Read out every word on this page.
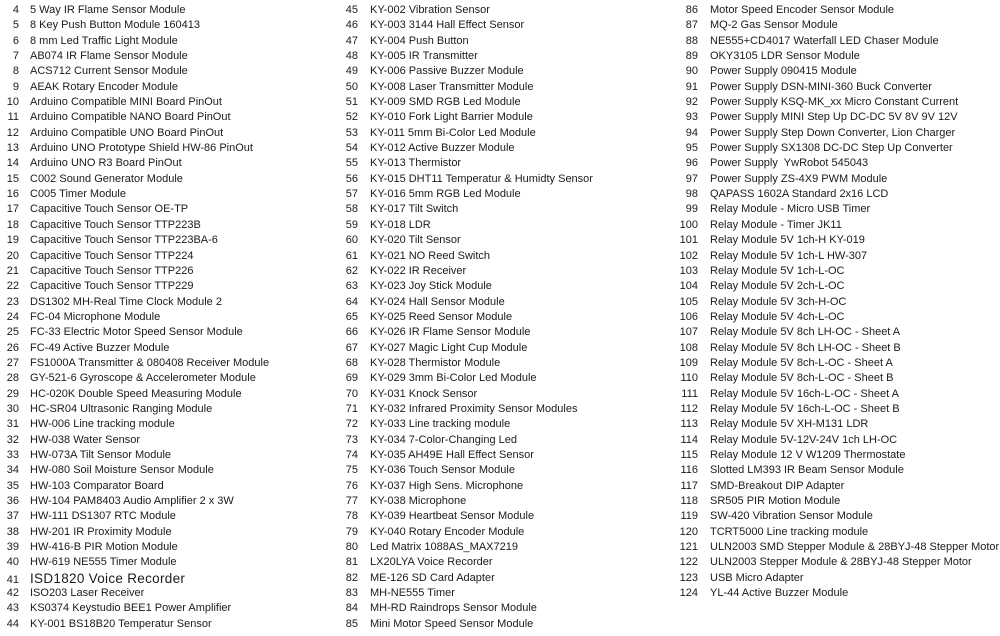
4 5 Way IR Flame Sensor Module
5 8 Key Push Button Module 160413
6 8 mm Led Traffic Light Module
7 AB074 IR Flame Sensor Module
8 ACS712 Current Sensor Module
9 AEAK Rotary Encoder Module
10 Arduino Compatible MINI Board PinOut
11 Arduino Compatible NANO Board PinOut
12 Arduino Compatible UNO Board PinOut
13 Arduino UNO Prototype Shield HW-86 PinOut
14 Arduino UNO R3 Board PinOut
15 C002 Sound Generator Module
16 C005 Timer Module
17 Capacitive Touch Sensor OE-TP
18 Capacitive Touch Sensor TTP223B
19 Capacitive Touch Sensor TTP223BA-6
20 Capacitive Touch Sensor TTP224
21 Capacitive Touch Sensor TTP226
22 Capacitive Touch Sensor TTP229
23 DS1302 MH-Real Time Clock Module 2
24 FC-04 Microphone Module
25 FC-33 Electric Motor Speed Sensor Module
26 FC-49 Active Buzzer Module
27 FS1000A Transmitter & 080408 Receiver Module
28 GY-521-6 Gyroscope & Accelerometer Module
29 HC-020K Double Speed Measuring Module
30 HC-SR04 Ultrasonic Ranging Module
31 HW-006 Line tracking module
32 HW-038 Water Sensor
33 HW-073A Tilt Sensor Module
34 HW-080 Soil Moisture Sensor Module
35 HW-103 Comparator Board
36 HW-104 PAM8403 Audio Amplifier 2 x 3W
37 HW-111 DS1307 RTC Module
38 HW-201 IR Proximity Module
39 HW-416-B PIR Motion Module
40 HW-619 NE555 Timer Module
41 ISD1820 Voice Recorder
42 ISO203 Laser Receiver
43 KS0374 Keystudio BEE1 Power Amplifier
44 KY-001 BS18B20 Temperatur Sensor
45 KY-002 Vibration Sensor
46 KY-003 3144 Hall Effect Sensor
47 KY-004 Push Button
48 KY-005 IR Transmitter
49 KY-006 Passive Buzzer Module
50 KY-008 Laser Transmitter Module
51 KY-009 SMD RGB Led Module
52 KY-010 Fork Light Barrier Module
53 KY-011 5mm Bi-Color Led Module
54 KY-012 Active Buzzer Module
55 KY-013 Thermistor
56 KY-015 DHT11 Temperatur & Humidty Sensor
57 KY-016 5mm RGB Led Module
58 KY-017 Tilt Switch
59 KY-018 LDR
60 KY-020 Tilt Sensor
61 KY-021 NO Reed Switch
62 KY-022 IR Receiver
63 KY-023 Joy Stick Module
64 KY-024 Hall Sensor Module
65 KY-025 Reed Sensor Module
66 KY-026 IR Flame Sensor Module
67 KY-027 Magic Light Cup Module
68 KY-028 Thermistor Module
69 KY-029 3mm Bi-Color Led Module
70 KY-031 Knock Sensor
71 KY-032 Infrared Proximity Sensor Modules
72 KY-033 Line tracking module
73 KY-034 7-Color-Changing Led
74 KY-035 AH49E Hall Effect Sensor
75 KY-036 Touch Sensor Module
76 KY-037 High Sens. Microphone
77 KY-038 Microphone
78 KY-039 Heartbeat Sensor Module
79 KY-040 Rotary Encoder Module
80 Led Matrix 1088AS_MAX7219
81 LX20LYA Voice Recorder
82 ME-126 SD Card Adapter
83 MH-NE555 Timer
84 MH-RD Raindrops Sensor Module
85 Mini Motor Speed Sensor Module
86 Motor Speed Encoder Sensor Module
87 MQ-2 Gas Sensor Module
88 NE555+CD4017 Waterfall LED Chaser Module
89 OKY3105 LDR Sensor Module
90 Power Supply 090415 Module
91 Power Supply DSN-MINI-360 Buck Converter
92 Power Supply KSQ-MK_xx Micro Constant Current
93 Power Supply MINI Step Up DC-DC 5V 8V 9V 12V
94 Power Supply Step Down Converter, Lion Charger
95 Power Supply SX1308 DC-DC Step Up Converter
96 Power Supply  YwRobot 545043
97 Power Supply ZS-4X9 PWM Module
98 QAPASS 1602A Standard 2x16 LCD
99 Relay Module - Micro USB Timer
100 Relay Module - Timer JK11
101 Relay Module 5V 1ch-H KY-019
102 Relay Module 5V 1ch-L HW-307
103 Relay Module 5V 1ch-L-OC
104 Relay Module 5V 2ch-L-OC
105 Relay Module 5V 3ch-H-OC
106 Relay Module 5V 4ch-L-OC
107 Relay Module 5V 8ch LH-OC - Sheet A
108 Relay Module 5V 8ch LH-OC - Sheet B
109 Relay Module 5V 8ch-L-OC - Sheet A
110 Relay Module 5V 8ch-L-OC - Sheet B
111 Relay Module 5V 16ch-L-OC - Sheet A
112 Relay Module 5V 16ch-L-OC - Sheet B
113 Relay Module 5V XH-M131 LDR
114 Relay Module 5V-12V-24V 1ch LH-OC
115 Relay Module 12 V W1209 Thermostate
116 Slotted LM393 IR Beam Sensor Module
117 SMD-Breakout DIP Adapter
118 SR505 PIR Motion Module
119 SW-420 Vibration Sensor Module
120 TCRT5000 Line tracking module
121 ULN2003 SMD Stepper Module & 28BYJ-48 Stepper Motor
122 ULN2003 Stepper Module & 28BYJ-48 Stepper Motor
123 USB Micro Adapter
124 YL-44 Active Buzzer Module
